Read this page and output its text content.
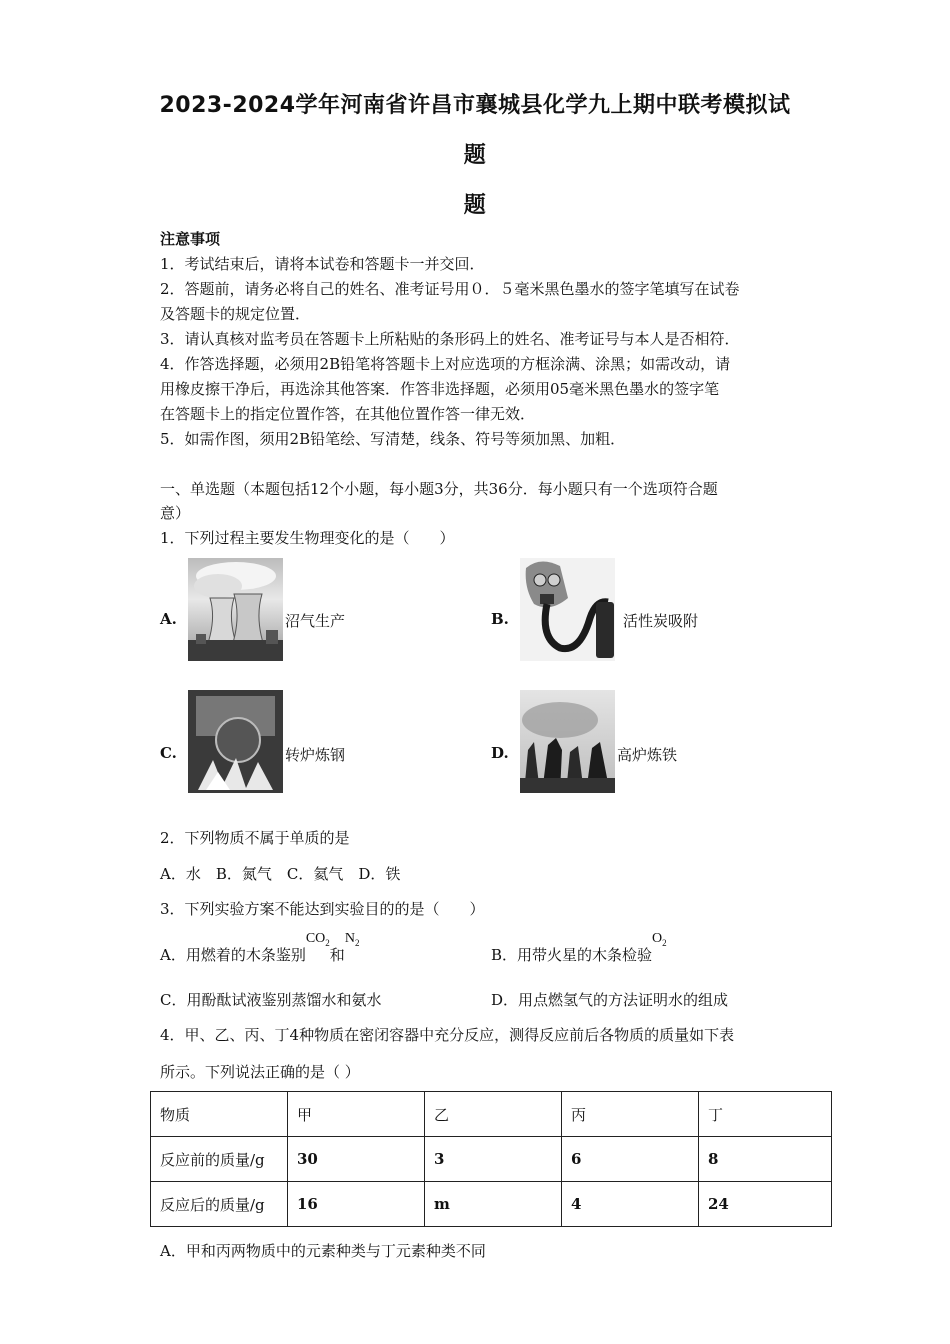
2023-2024学年河南省许昌市襄城县化学九上期中联考模拟试
题
题
注意事项
1．考试结束后，请将本试卷和答题卡一并交回．
2．答题前，请务必将自己的姓名、准考证号用０．５毫米黑色墨水的签字笔填写在试卷
及答题卡的规定位置．
3．请认真核对监考员在答题卡上所粘贴的条形码上的姓名、准考证号与本人是否相符．
4．作答选择题，必须用2B铅笔将答题卡上对应选项的方框涂满、涂黑；如需改动，请
用橡皮擦干净后，再选涂其他答案．作答非选择题，必须用05毫米黑色墨水的签字笔
在答题卡上的指定位置作答，在其他位置作答一律无效．
5．如需作图，须用2B铅笔绘、写清楚，线条、符号等须加黑、加粗．
一、单选题（本题包括12个小题，每小题3分，共36分．每小题只有一个选项符合题
意）
1．下列过程主要发生物理变化的是（　　）
A.	沼气生产	B.	活性炭吸附
C.	转炉炼钢	D.	高炉炼铁
2．下列物质不属于单质的是
A．水　B．氮气　C．氦气　D．铁
3．下列实验方案不能达到实验目的的是（　　）
A．用燃着的木条鉴别$^{CO_2}$和$^{N_2}$
B．用带火星的木条检验$^{O_2}$
C．用酚酞试液鉴别蒸馏水和氨水	D．用点燃氢气的方法证明水的组成
4．甲、乙、丙、丁4种物质在密闭容器中充分反应，测得反应前后各物质的质量如下表
所示。下列说法正确的是（ ）
物质	甲	乙	丙	丁
反应前的质量/g	30	3	6	8
反应后的质量/g	16	m	4	24
A．甲和丙两物质中的元素种类与丁元素种类不同
